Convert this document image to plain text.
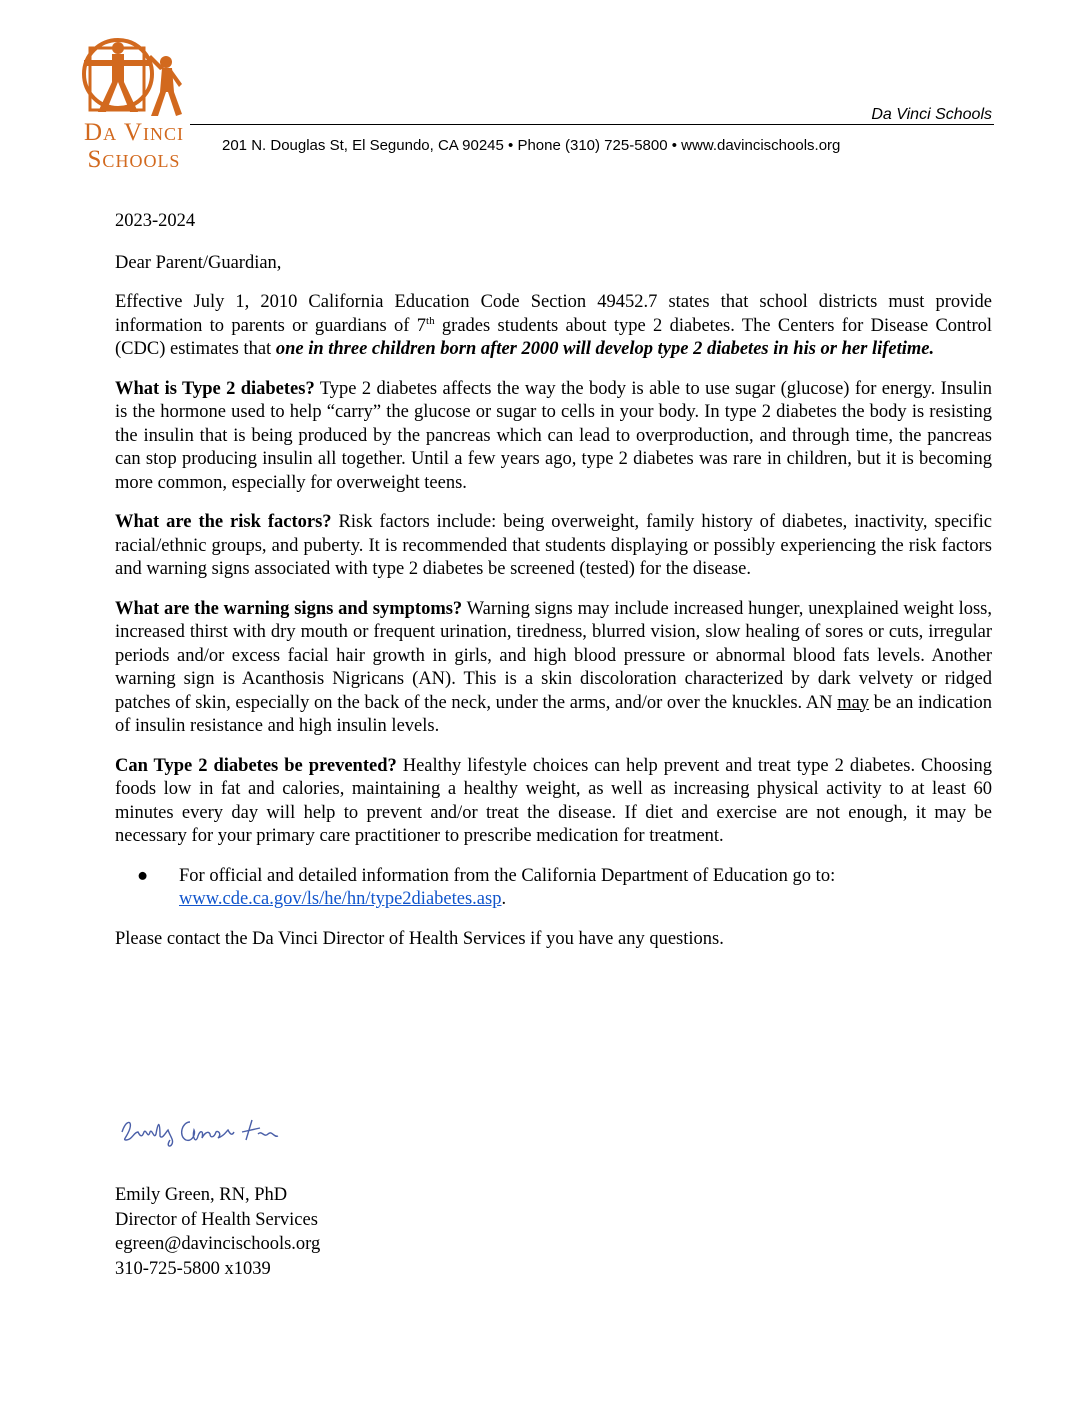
Da Vinci
Schools
Da Vinci Schools
201 N. Douglas St, El Segundo, CA 90245 • Phone (310) 725-5800 • www.davincischools.org

2023-2024

Dear Parent/Guardian,

Effective July 1, 2010 California Education Code Section 49452.7 states that school districts must provide information to parents or guardians of 7th grades students about type 2 diabetes. The Centers for Disease Control (CDC) estimates that one in three children born after 2000 will develop type 2 diabetes in his or her lifetime.

What is Type 2 diabetes? Type 2 diabetes affects the way the body is able to use sugar (glucose) for energy. Insulin is the hormone used to help “carry” the glucose or sugar to cells in your body. In type 2 diabetes the body is resisting the insulin that is being produced by the pancreas which can lead to overproduction, and through time, the pancreas can stop producing insulin all together. Until a few years ago, type 2 diabetes was rare in children, but it is becoming more common, especially for overweight teens.

What are the risk factors? Risk factors include: being overweight, family history of diabetes, inactivity, specific racial/ethnic groups, and puberty. It is recommended that students displaying or possibly experiencing the risk factors and warning signs associated with type 2 diabetes be screened (tested) for the disease.

What are the warning signs and symptoms? Warning signs may include increased hunger, unexplained weight loss, increased thirst with dry mouth or frequent urination, tiredness, blurred vision, slow healing of sores or cuts, irregular periods and/or excess facial hair growth in girls, and high blood pressure or abnormal blood fats levels. Another warning sign is Acanthosis Nigricans (AN). This is a skin discoloration characterized by dark velvety or ridged patches of skin, especially on the back of the neck, under the arms, and/or over the knuckles. AN may be an indication of insulin resistance and high insulin levels.

Can Type 2 diabetes be prevented? Healthy lifestyle choices can help prevent and treat type 2 diabetes. Choosing foods low in fat and calories, maintaining a healthy weight, as well as increasing physical activity to at least 60 minutes every day will help to prevent and/or treat the disease. If diet and exercise are not enough, it may be necessary for your primary care practitioner to prescribe medication for treatment.

●	For official and detailed information from the California Department of Education go to:
www.cde.ca.gov/ls/he/hn/type2diabetes.asp.

Please contact the Da Vinci Director of Health Services if you have any questions.

Emily Green, RN, PhD
Director of Health Services
egreen@davincischools.org
310-725-5800 x1039
